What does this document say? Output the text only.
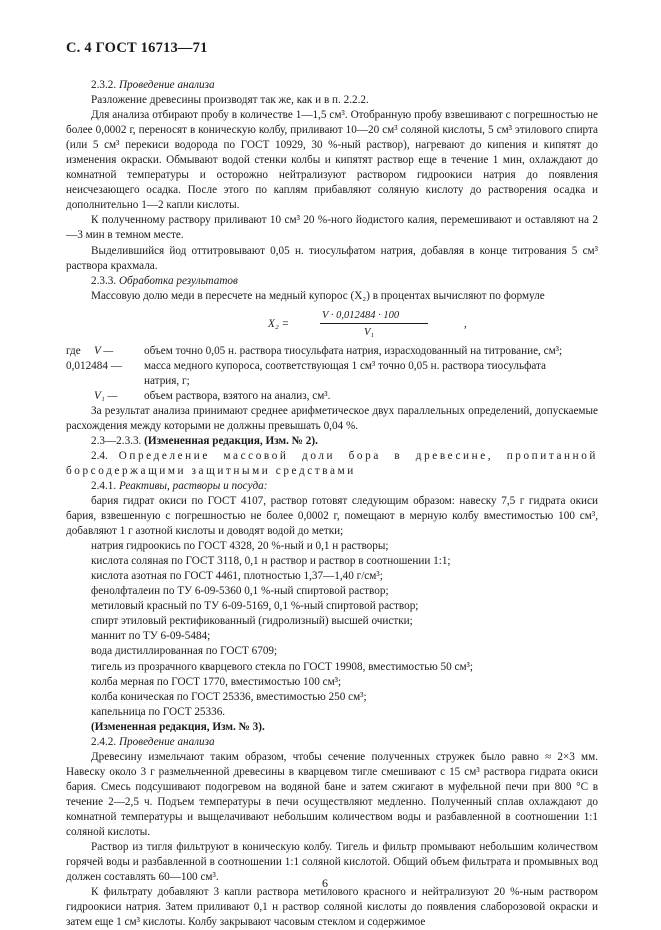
С. 4 ГОСТ 16713—71

2.3.2. Проведение анализа

Разложение древесины производят так же, как и в п. 2.2.2.

Для анализа отбирают пробу в количестве 1—1,5 см³. Отобранную пробу взвешивают с погрешностью не более 0,0002 г, переносят в коническую колбу, приливают 10—20 см³ соляной кислоты, 5 см³ этилового спирта (или 5 см³ перекиси водорода по ГОСТ 10929, 30 %-ный раствор), нагревают до кипения и кипятят до изменения окраски. Обмывают водой стенки колбы и кипятят раствор еще в течение 1 мин, охлаждают до комнатной температуры и осторожно нейтрализуют раствором гидроокиси натрия до появления неисчезающего осадка. После этого по каплям прибавляют соляную кислоту до растворения осадка и дополнительно 1—2 капли кислоты.

К полученному раствору приливают 10 см³ 20 %-ного йодистого калия, перемешивают и оставляют на 2—3 мин в темном месте.

Выделившийся йод оттитровывают 0,05 н. тиосульфатом натрия, добавляя в конце титрования 5 см³ раствора крахмала.

2.3.3. Обработка результатов

Массовую долю меди в пересчете на медный купорос (X₂) в процентах вычисляют по формуле

X₂ =
V · 0,012484 · 100
V₁
,
где V —	объем точно 0,05 н. раствора тиосульфата натрия, израсходованный на титрование, см³;
0,012484 — масса медного купороса, соответствующая 1 см³ точно 0,05 н. раствора тиосульфата
натрия, г;
V₁ — объем раствора, взятого на анализ, см³.

За результат анализа принимают среднее арифметическое двух параллельных определений, допускаемые расхождения между которыми не должны превышать 0,04 %.

2.3—2.3.3. (Измененная редакция, Изм. № 2).

2.4. Определение массовой доли бора в древесине, пропитанной борсодержащими защитными средствами

2.4.1. Реактивы, растворы и посуда:

бария гидрат окиси по ГОСТ 4107, раствор готовят следующим образом: навеску 7,5 г гидрата окиси бария, взвешенную с погрешностью не более 0,0002 г, помещают в мерную колбу вместимостью 100 см³, добавляют 1 г азотной кислоты и доводят водой до метки;

натрия гидроокись по ГОСТ 4328, 20 %-ный и 0,1 н растворы;

кислота соляная по ГОСТ 3118, 0,1 н раствор и раствор в соотношении 1:1;

кислота азотная по ГОСТ 4461, плотностью 1,37—1,40 г/см³;

фенолфталеин по ТУ 6-09-5360 0,1 %-ный спиртовой раствор;

метиловый красный по ТУ 6-09-5169, 0,1 %-ный спиртовой раствор;

спирт этиловый ректификованный (гидролизный) высшей очистки;

маннит по ТУ 6-09-5484;

вода дистиллированная по ГОСТ 6709;

тигель из прозрачного кварцевого стекла по ГОСТ 19908, вместимостью 50 см³;

колба мерная по ГОСТ 1770, вместимостью 100 см³;

колба коническая по ГОСТ 25336, вместимостью 250 см³;

капельница по ГОСТ 25336.

(Измененная редакция, Изм. № 3).

2.4.2. Проведение анализа

Древесину измельчают таким образом, чтобы сечение полученных стружек было равно ≈ 2×3 мм. Навеску около 3 г размельченной древесины в кварцевом тигле смешивают с 15 см³ раствора гидрата окиси бария. Смесь подсушивают подогревом на водяной бане и затем сжигают в муфельной печи при 800 °С в течение 2—2,5 ч. Подъем температуры в печи осуществляют медленно. Полученный сплав охлаждают до комнатной температуры и выщелачивают небольшим количеством воды и разбавленной в соотношении 1:1 соляной кислоты.

Раствор из тигля фильтруют в коническую колбу. Тигель и фильтр промывают небольшим количеством горячей воды и разбавленной в соотношении 1:1 соляной кислотой. Общий объем фильтрата и промывных вод должен составлять 60—100 см³.

К фильтрату добавляют 3 капли раствора метилового красного и нейтрализуют 20 %-ным раствором гидроокиси натрия. Затем приливают 0,1 н раствор соляной кислоты до появления слаборозовой окраски и затем еще 1 см³ кислоты. Колбу закрывают часовым стеклом и содержимое

6
